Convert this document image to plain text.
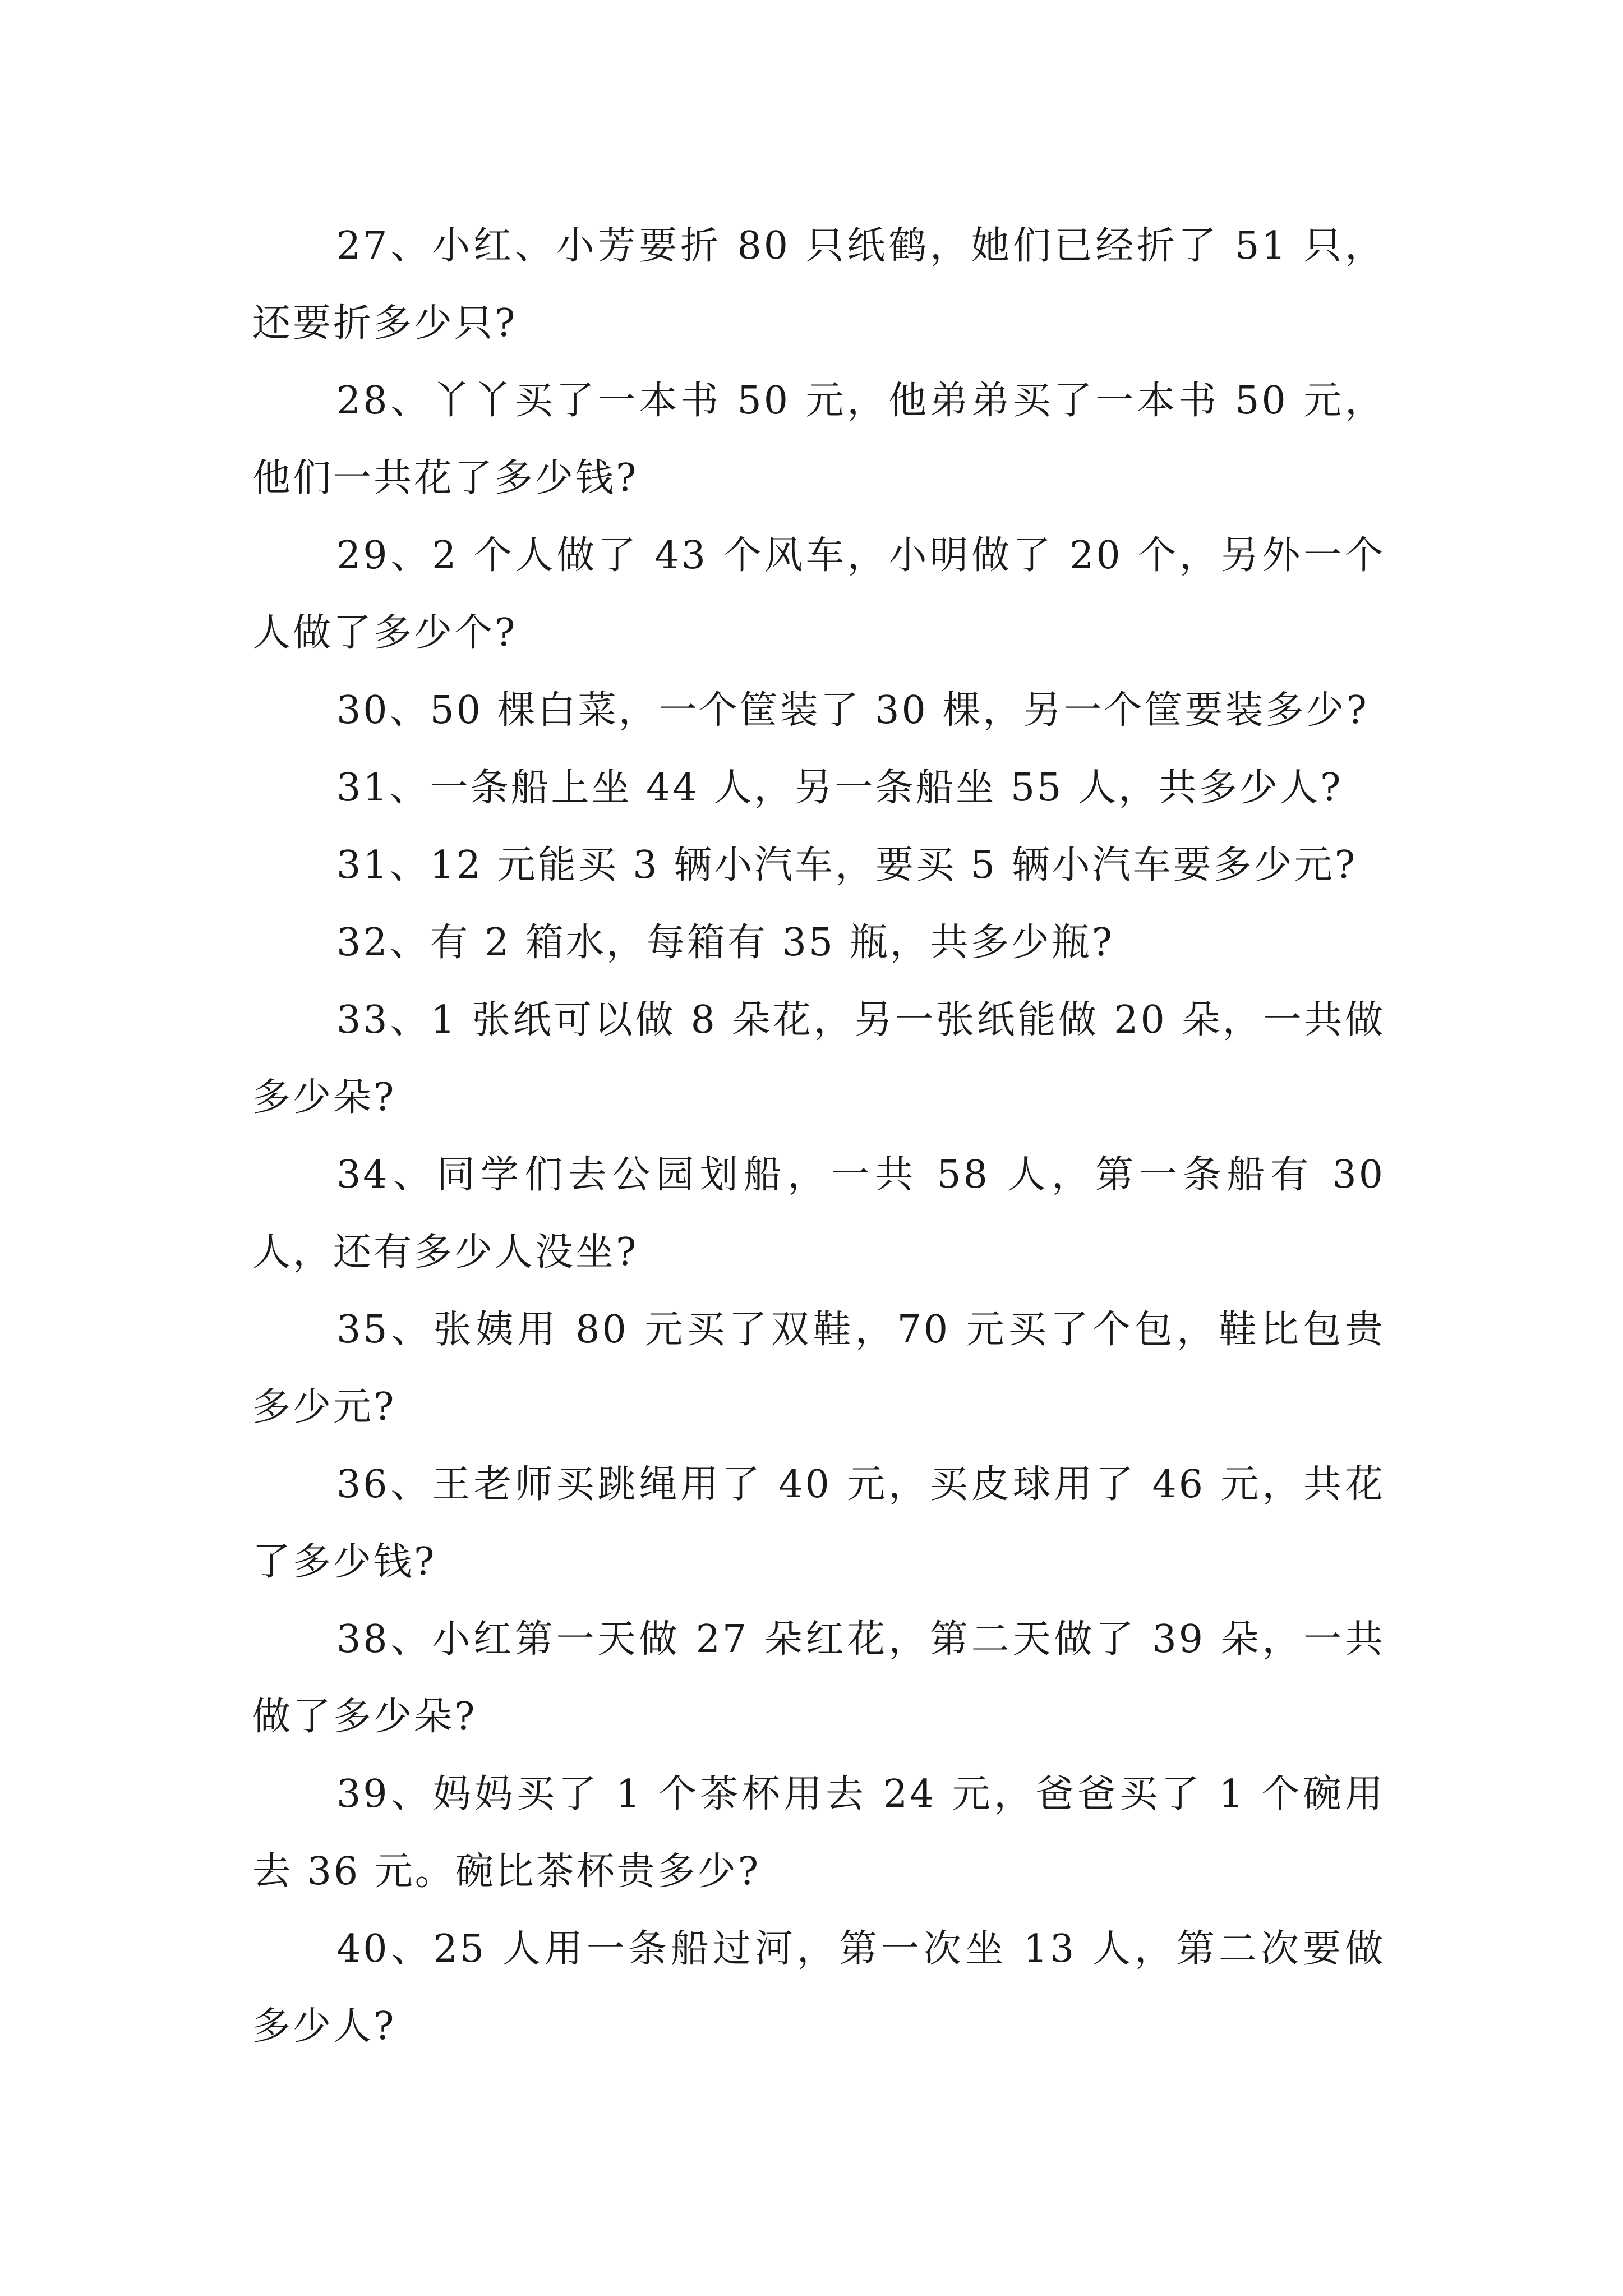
27、小红、小芳要折 80 只纸鹤，她们已经折了 51 只，还要折多少只?

28、丫丫买了一本书 50 元，他弟弟买了一本书 50 元，他们一共花了多少钱?

29、2 个人做了 43 个风车，小明做了 20 个，另外一个人做了多少个?

30、50 棵白菜，一个筐装了 30 棵，另一个筐要装多少?

31、一条船上坐 44 人，另一条船坐 55 人，共多少人?

31、12 元能买 3 辆小汽车，要买 5 辆小汽车要多少元?

32、有 2 箱水，每箱有 35 瓶，共多少瓶?

33、1 张纸可以做 8 朵花，另一张纸能做 20 朵，一共做多少朵?

34、同学们去公园划船，一共 58 人，第一条船有 30 人，还有多少人没坐?

35、张姨用 80 元买了双鞋，70 元买了个包，鞋比包贵多少元?

36、王老师买跳绳用了 40 元，买皮球用了 46 元，共花了多少钱?

38、小红第一天做 27 朵红花，第二天做了 39 朵，一共做了多少朵?

39、妈妈买了 1 个茶杯用去 24 元，爸爸买了 1 个碗用去 36 元。碗比茶杯贵多少?

40、25 人用一条船过河，第一次坐 13 人，第二次要做多少人?
